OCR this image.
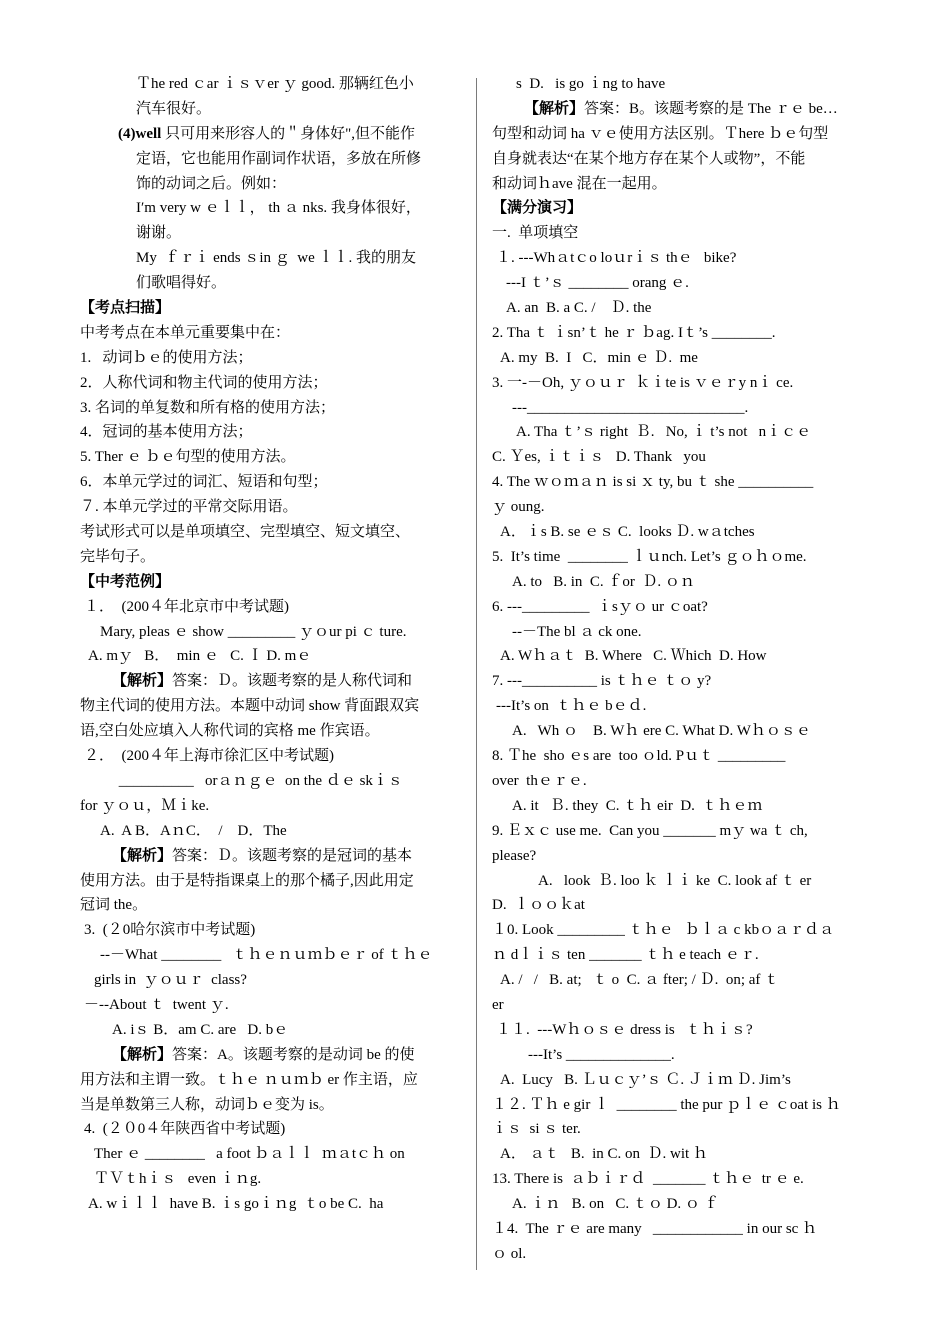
Ｔhe red ｃar ｉｓｖer ｙ good. 那辆红色小
汽车很好。
(4)well 只可用来形容人的＂身体好",但不能作
定语，它也能用作副词作状语，多放在所修
饰的动词之后。例如：
I′m very w ｅｌｌ， th ａ nks. 我身体很好，
谢谢。
My  ｆｒｉ ends ｓin ｇ  we ｌｌ. 我的朋友
们歌唱得好。
【考点扫描】
中考考点在本单元重要集中在：
1.   动词ｂｅ的使用方法；
2．人称代词和物主代词的使用方法；
3. 名词的单复数和所有格的使用方法；
4．冠词的基本使用方法；
5. Ther ｅ ｂｅ句型的使用方法。
6．本单元学过的词汇、短语和句型；
７. 本单元学过的平常交际用语。
考试形式可以是单项填空、完型填空、短文填空、
完毕句子。
【中考范例】
１．  (200４年北京市中考试题)
Mary, pleas ｅ show _________ ｙｏur pi ｃ ture.
A. mｙ   B．  min ｅ   C. Ｉ D. mｅ
【解析】答案：Ｄ。该题考察的是人称代词和
物主代词的使用方法。本题中动词 show 背面跟双宾
语,空白处应填入人称代词的宾格 me 作宾语。
２．  (200４年上海市徐汇区中考试题)
__________   orａｎｇｅ  on the ｄｅ skｉｓ
for ｙｏｕ，Ｍｉke.
A.  A B．AｎC．  /    D．The
【解析】答案：Ｄ。该题考察的是冠词的基本
使用方法。由于是特指课桌上的那个橘子,因此用定
冠词 the。
3.  (２0哈尔滨市中考试题)
--－What ________   ｔｈｅｎｕｍｂｅｒ of ｔｈｅ
girls in  ｙｏｕｒ  class?
－--About ｔ  twent ｙ.
A. iｓ B．am C. are   D. bｅ
【解析】答案：A。该题考察的是动词 be 的使
用方法和主谓一致。ｔｈｅ ｎｕｍｂ er 作主语，应
当是单数第三人称，动词ｂｅ变为 is。
4.  (２０0４年陕西省中考试题)
Ther ｅ ________   a foot ｂａｌｌ  ｍａtｃｈ on
ＴＶｔhｉｓ   even ｉｎg.
A. wｉｌｌ  have B. ｉs goｉｎg  ｔo be C.  ha
s  D.   is go ｉng to have
【解析】答案：B。该题考察的是 The ｒｅ be…
句型和动词 ha ｖｅ使用方法区别。Ｔhere ｂｅ句型
自身就表达“在某个地方存在某个人或物”，不能
和动词ｈave 混在一起用。
【满分演习】
一.  单项填空
１. ---Whａtｃo loｕrｉｓ thｅ   bike?
---I ｔ’ｓ ________ orang ｅ.
A. an  B. a C. /    Ｄ. the
2. Tha ｔ ｉsn’ｔ he ｒ ｂag. Iｔ’s ________.
A. my  B.  I   C．min ｅ Ｄ.  me
3. 一-－Oh, ｙｏｕｒ  ｋｉte is ｖｅｒy nｉ ce.
---_____________________________.
A. Tha ｔ’ｓ right  Ｂ.   No, ｉ t’s not   nｉｃｅ
C. Ｙes, ｉｔｉｓ   D. Thank   you
4. The ｗｏｍａｎ is si ｘ ty, bu ｔ she __________
ｙ oung.
A．ｉs B. se ｅｓ C.  looks Ｄ. wａtches
5.  It’s time  ________ ｌｕnch. Let’s ｇｏｈｏme.
A. to   B. in  C. ｆor  Ｄ. ｏｎ
6. ---_________  ｉsｙｏ ur ｃoat?
--－The bl ａ ck one.
A. Wｈａｔ  B. Where   C. Ｗhich  D. How
7. ---__________ is ｔｈｅ ｔｏ y?
---It’s on  ｔｈｅ bｅｄ.
A.   Wh ｏ    B. Wｈ ere C. What D. Wｈｏｓｅ
8. Ｔhe  sho ｅs are  too ｏld. Pｕｔ _________
over  thｅｒｅ.
A. it   Ｂ. they  C. ｔｈ eir  D.  ｔｈｅｍ
9. Ｅｘｃ use me.  Can you _______ mｙ wa ｔ ch,
please?
A.   look  Ｂ. loo ｋ ｌｉ ke  C. look af ｔ er
D.  ｌｏｏｋat
１0. Look _________ ｔｈｅ   ｂｌａ c kbｏａｒｄａ
ｎ dｌｉｓ ten _______ ｔｈ e teach ｅｒ.
A. /   /   B. at;   ｔ o  C. ａ fter; / Ｄ.  on; af ｔ
er
１１.  ---Wｈｏｓｅ dress is   ｔｈｉｓ?
---It’s ______________.
A.  Lucy   B. Ｌｕｃｙ’ｓ Ｃ. Ｊｉｍ Ｄ. Jim’s
１２. Ｔｈ e gir ｌ  ________ the pur ｐｌｅ ｃoat is ｈ
ｉｓ  si ｓ ter.
A． ａｔ   B.  in C. on  Ｄ. wit ｈ
13. There is  ａｂｉｒｄ  _______ ｔｈｅ  tr ｅ e.
A. ｉｎ   B. on   C. ｔｏ D. ｏ ｆ
１4.  The ｒｅ are many   ____________ in our sc ｈ
ｏ ol.
